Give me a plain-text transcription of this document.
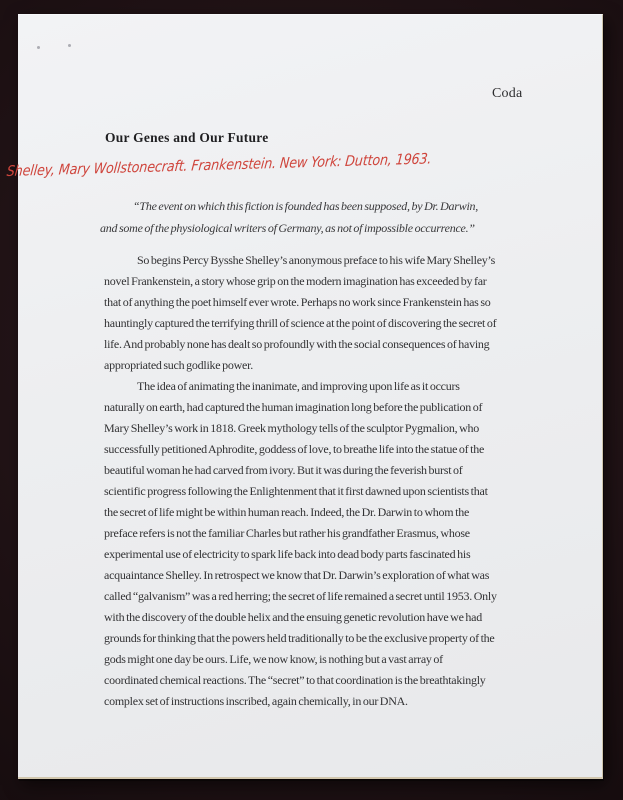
Coda
Our Genes and Our Future
Shelley, Mary Wollstonecraft. Frankenstein. New York: Dutton, 1963.
“The event on which this fiction is founded has been supposed, by Dr. Darwin,
and some of the physiological writers of Germany, as not of impossible occurrence.”
So begins Percy Bysshe Shelley’s anonymous preface to his wife Mary Shelley’s
novel Frankenstein, a story whose grip on the modern imagination has exceeded by far
that of anything the poet himself ever wrote. Perhaps no work since Frankenstein has so
hauntingly captured the terrifying thrill of science at the point of discovering the secret of
life. And probably none has dealt so profoundly with the social consequences of having
appropriated such godlike power.
The idea of animating the inanimate, and improving upon life as it occurs
naturally on earth, had captured the human imagination long before the publication of
Mary Shelley’s work in 1818. Greek mythology tells of the sculptor Pygmalion, who
successfully petitioned Aphrodite, goddess of love, to breathe life into the statue of the
beautiful woman he had carved from ivory. But it was during the feverish burst of
scientific progress following the Enlightenment that it first dawned upon scientists that
the secret of life might be within human reach. Indeed, the Dr. Darwin to whom the
preface refers is not the familiar Charles but rather his grandfather Erasmus, whose
experimental use of electricity to spark life back into dead body parts fascinated his
acquaintance Shelley. In retrospect we know that Dr. Darwin’s exploration of what was
called “galvanism” was a red herring; the secret of life remained a secret until 1953. Only
with the discovery of the double helix and the ensuing genetic revolution have we had
grounds for thinking that the powers held traditionally to be the exclusive property of the
gods might one day be ours. Life, we now know, is nothing but a vast array of
coordinated chemical reactions. The “secret” to that coordination is the breathtakingly
complex set of instructions inscribed, again chemically, in our DNA.
